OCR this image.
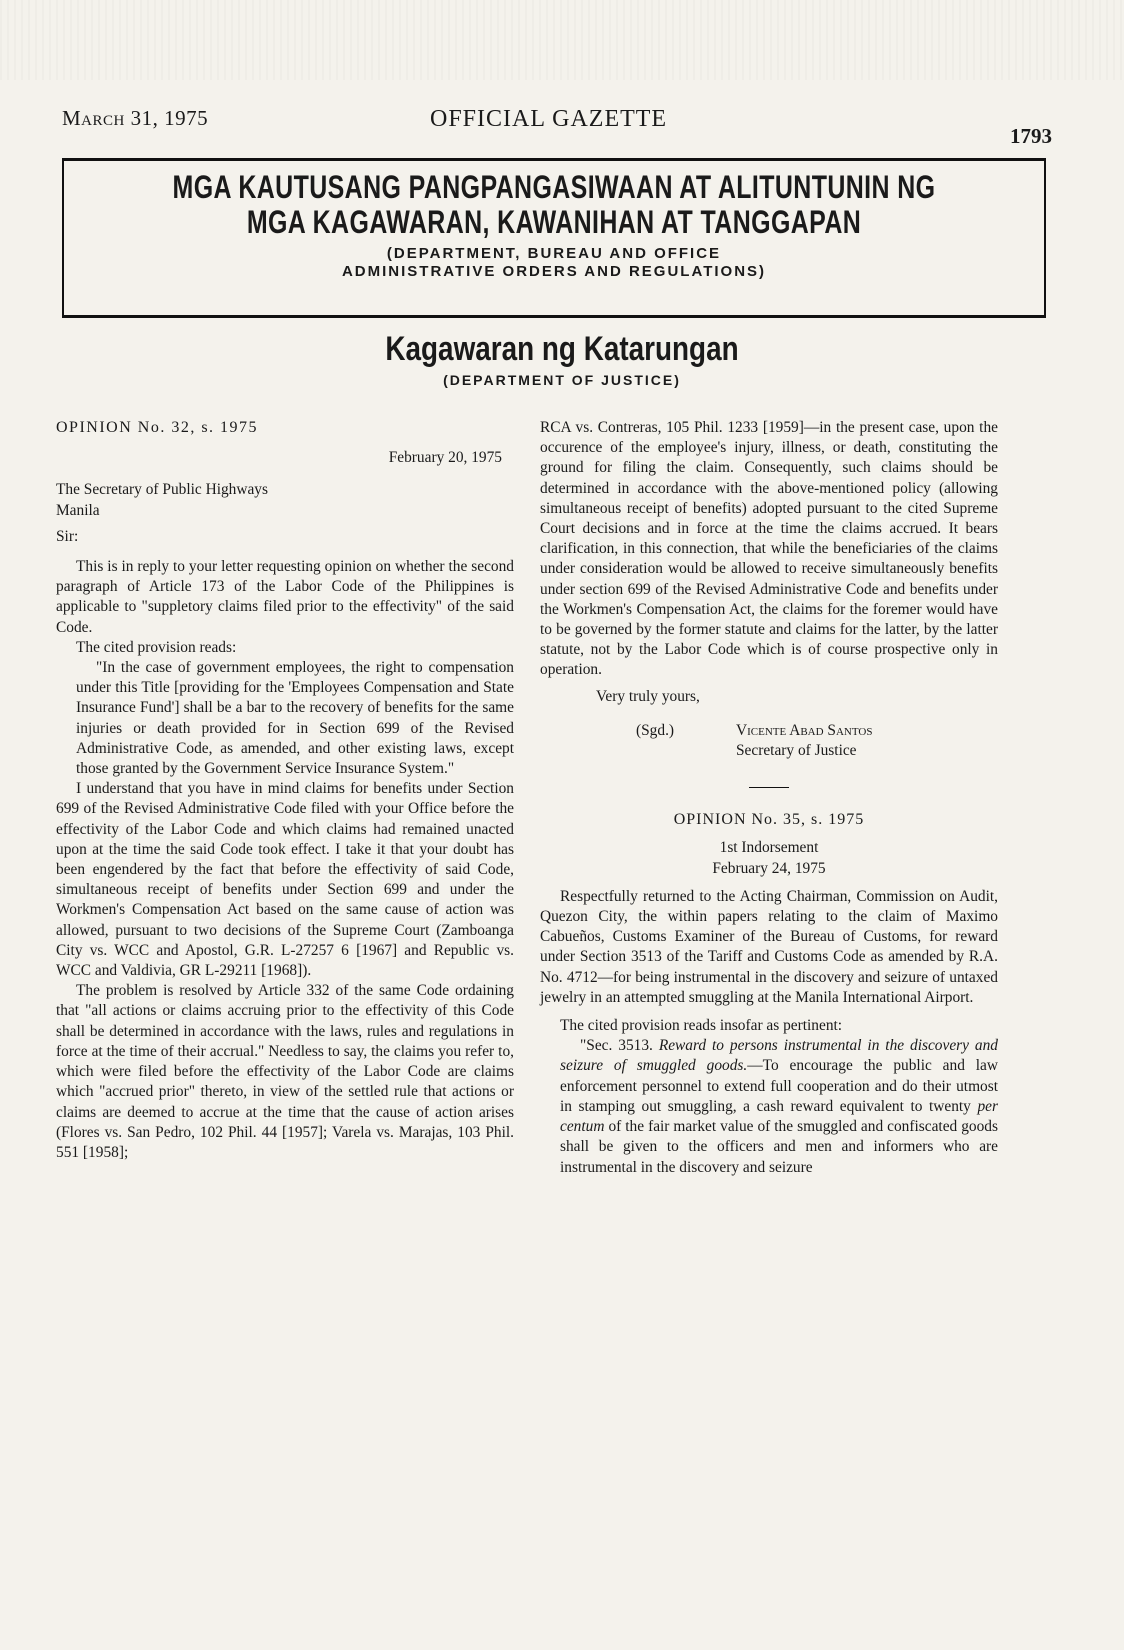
March 31, 1975	OFFICIAL GAZETTE
1793
MGA KAUTUSANG PANGPANGASIWAAN AT ALITUNTUNIN NG
MGA KAGAWARAN, KAWANIHAN AT TANGGAPAN
(DEPARTMENT, BUREAU AND OFFICE ADMINISTRATIVE ORDERS AND REGULATIONS)
Kagawaran ng Katarungan
(DEPARTMENT OF JUSTICE)

OPINION No. 32, s. 1975

February 20, 1975

The Secretary of Public Highways

Manila

Sir:

This is in reply to your letter requesting opinion on whether the second paragraph of Article 173 of the Labor Code of the Philippines is applicable to "suppletory claims filed prior to the effectivity" of the said Code.

The cited provision reads:

"In the case of government employees, the right to compensation under this Title [providing for the 'Employees Compensation and State Insurance Fund'] shall be a bar to the recovery of benefits for the same injuries or death provided for in Section 699 of the Revised Administrative Code, as amended, and other existing laws, except those granted by the Government Service Insurance System."

I understand that you have in mind claims for benefits under Section 699 of the Revised Administrative Code filed with your Office before the effectivity of the Labor Code and which claims had remained unacted upon at the time the said Code took effect. I take it that your doubt has been engendered by the fact that before the effectivity of said Code, simultaneous receipt of benefits under Section 699 and under the Workmen's Compensation Act based on the same cause of action was allowed, pursuant to two decisions of the Supreme Court (Zamboanga City vs. WCC and Apostol, G.R. L-27257 6 [1967] and Republic vs. WCC and Valdivia, GR L-29211 [1968]).

The problem is resolved by Article 332 of the same Code ordaining that "all actions or claims accruing prior to the effectivity of this Code shall be determined in accordance with the laws, rules and regulations in force at the time of their accrual." Needless to say, the claims you refer to, which were filed before the effectivity of the Labor Code are claims which "accrued prior" thereto, in view of the settled rule that actions or claims are deemed to accrue at the time that the cause of action arises (Flores vs. San Pedro, 102 Phil. 44 [1957]; Varela vs. Marajas, 103 Phil. 551 [1958];

RCA vs. Contreras, 105 Phil. 1233 [1959]—in the present case, upon the occurence of the employee's injury, illness, or death, constituting the ground for filing the claim. Consequently, such claims should be determined in accordance with the above-mentioned policy (allowing simultaneous receipt of benefits) adopted pursuant to the cited Supreme Court decisions and in force at the time the claims accrued. It bears clarification, in this connection, that while the beneficiaries of the claims under consideration would be allowed to receive simultaneously benefits under section 699 of the Revised Administrative Code and benefits under the Workmen's Compensation Act, the claims for the foremer would have to be governed by the former statute and claims for the latter, by the latter statute, not by the Labor Code which is of course prospective only in operation.

Very truly yours,

(Sgd.)	Vicente Abad Santos
Secretary of Justice

OPINION No. 35, s. 1975

1st Indorsement

February 24, 1975

Respectfully returned to the Acting Chairman, Commission on Audit, Quezon City, the within papers relating to the claim of Maximo Cabueños, Customs Examiner of the Bureau of Customs, for reward under Section 3513 of the Tariff and Customs Code as amended by R.A. No. 4712—for being instrumental in the discovery and seizure of untaxed jewelry in an attempted smuggling at the Manila International Airport.

The cited provision reads insofar as pertinent:

"Sec. 3513. Reward to persons instrumental in the discovery and seizure of smuggled goods.—To encourage the public and law enforcement personnel to extend full cooperation and do their utmost in stamping out smuggling, a cash reward equivalent to twenty per centum of the fair market value of the smuggled and confiscated goods shall be given to the officers and men and informers who are instrumental in the discovery and seizure
